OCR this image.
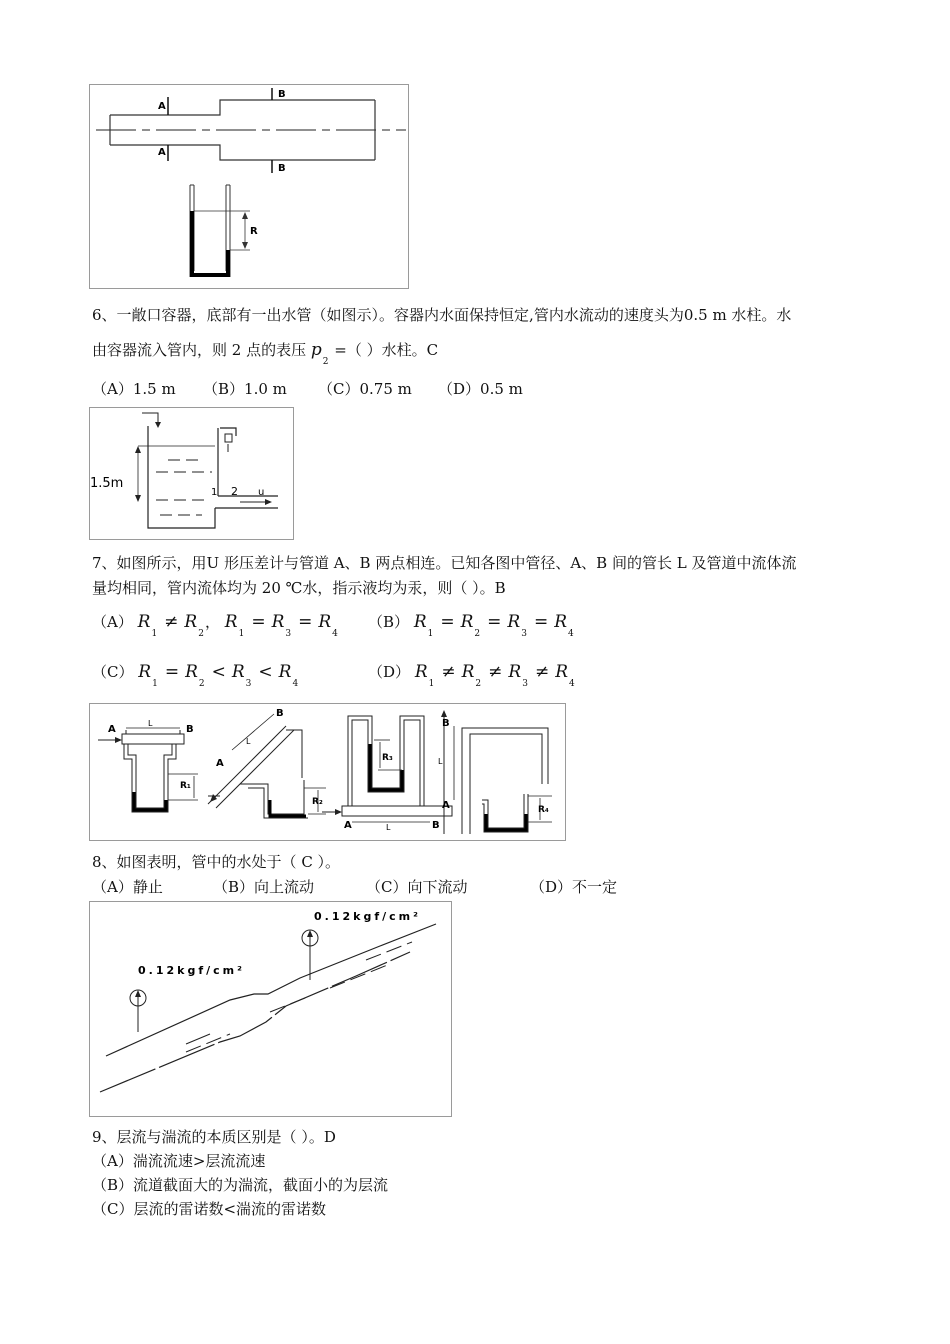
A
A
B
B
R
6、一敞口容器，底部有一出水管（如图示）。容器内水面保持恒定,管内水流动的速度头为0.5 m 水柱。水
由容器流入管内，则 2 点的表压 $p_2$ =（ ）水柱。C
（A）1.5 m （B）1.0 m （C）0.75 m （D）0.5 m
1.5m
1 2 u
7、如图所示，用U 形压差计与管道 A、B 两点相连。已知各图中管径、A、B 间的管长 L 及管道中流体流
量均相同，管内流体均为 20 ℃水，指示液均为汞，则（ ）。B
（A） $R_1\ne R_2$， $R_1= R_3= R_4$
（B） $R_1= R_2= R_3= R_4$
（C） $R_1= R_2< R_3< R_4$
（D） $R_1\ne R_2\ne R_3\ne R_4$
A	B
L
R₁
B
A
L
R₂
A	B
L
R₃
B
A
L
R₄
8、如图表明，管中的水处于（ C ）。
（A）静止	（B）向上流动	（C）向下流动	（D）不一定
0.12kgf/cm²
0.12kgf/cm²
9、层流与湍流的本质区别是（ ）。D
（A）湍流流速>层流流速
（B）流道截面大的为湍流，截面小的为层流
（C）层流的雷诺数<湍流的雷诺数
